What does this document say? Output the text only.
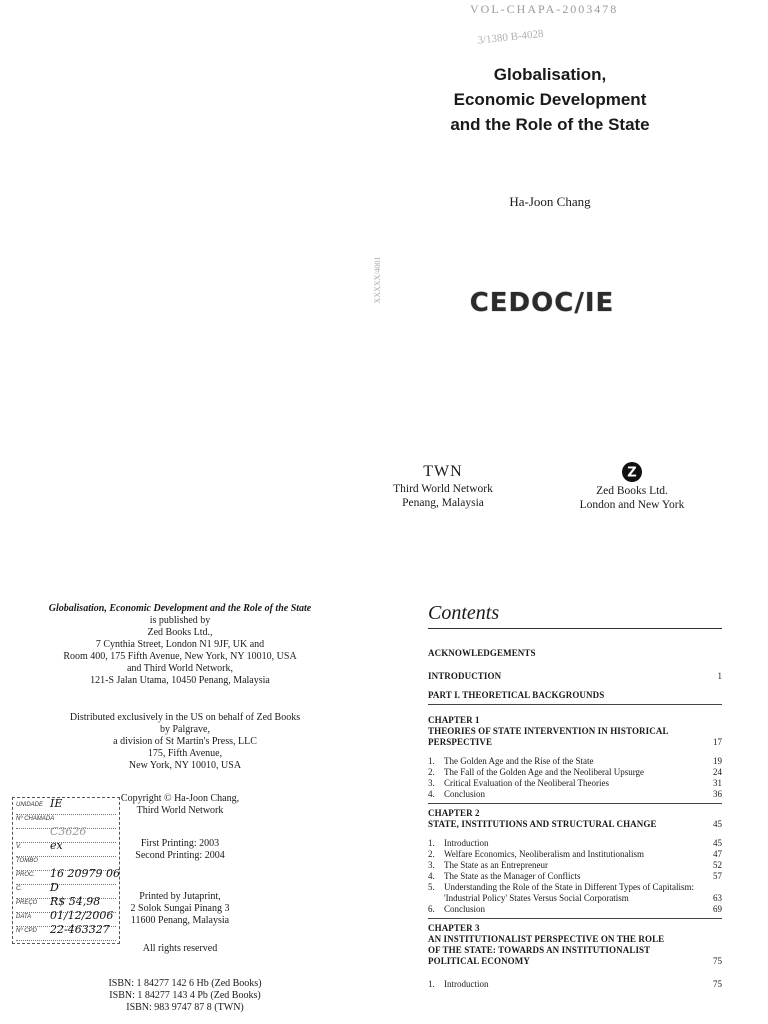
VOL-CHAPA-2003478
3/1380 B-4028
Globalisation,
Economic Development
and the Role of the State
Ha-Joon Chang
XXXXX/4001	CEDOC/IE
TWN
Third World Network
Penang, Malaysia
Z
Zed Books Ltd.
London and New York
Globalisation, Economic Development and the Role of the State
is published by
Zed Books Ltd.,
7 Cynthia Street, London N1 9JF, UK and
Room 400, 175 Fifth Avenue, New York, NY 10010, USA
and Third World Network,
121-S Jalan Utama, 10450 Penang, Malaysia
Distributed exclusively in the US on behalf of Zed Books
by Palgrave,
a division of St Martin's Press, LLC
175, Fifth Avenue,
New York, NY 10010, USA
Copyright © Ha-Joon Chang,
Third World Network
First Printing: 2003
Second Printing: 2004
Printed by Jutaprint,
2 Solok Sungai Pinang 3
11600 Penang, Malaysia
All rights reserved
ISBN: 1 84277 142 6 Hb (Zed Books)
ISBN: 1 84277 143 4 Pb (Zed Books)
ISBN: 983 9747 87 8 (TWN)
UNIDADE IE
Nº CHAMADA
C3626
V.	ex
TOMBO
PROC. 16 20979 06
C.	D
PREÇO R$ 54,98
DATA 01/12/2006
Nº CPD 22-463327
Contents
ACKNOWLEDGEMENTS
INTRODUCTION	1
PART I. THEORETICAL BACKGROUNDS
CHAPTER 1
THEORIES OF STATE INTERVENTION IN HISTORICAL PERSPECTIVE	17
1.	The Golden Age and the Rise of the State	19
2.	The Fall of the Golden Age and the Neoliberal Upsurge	24
3.	Critical Evaluation of the Neoliberal Theories	31
4.	Conclusion	36
CHAPTER 2
STATE, INSTITUTIONS AND STRUCTURAL CHANGE	45
1.	Introduction	45
2.	Welfare Economics, Neoliberalism and Institutionalism	47
3.	The State as an Entrepreneur	52
4.	The State as the Manager of Conflicts	57
5.	Understanding the Role of the State in Different Types of Capitalism: 'Industrial Policy' States Versus Social Corporatism	63
6.	Conclusion	69
CHAPTER 3
AN INSTITUTIONALIST PERSPECTIVE ON THE ROLE OF THE STATE: TOWARDS AN INSTITUTIONALIST POLITICAL ECONOMY	75
1.	Introduction	75
